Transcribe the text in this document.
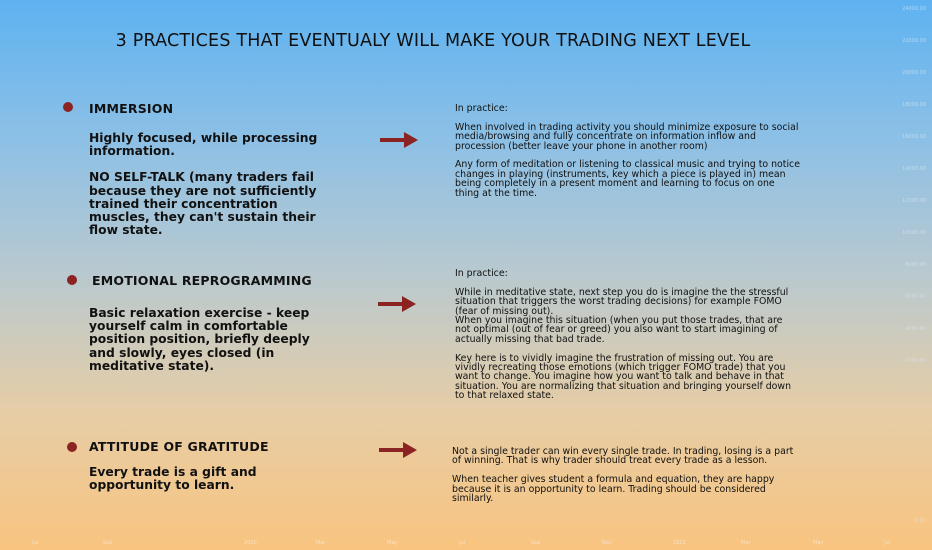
3 PRACTICES THAT EVENTUALY WILL MAKE YOUR TRADING NEXT LEVEL
IMMERSION

Highly focused, while processing information.

NO SELF-TALK (many traders fail because they are not sufficiently trained their concentration muscles, they can't sustain their flow state.

In practice:

When involved in trading activity you should minimize exposure to social media/browsing and fully concentrate on information inflow and procession (better leave your phone in another room)

Any form of meditation or listening to classical music and trying to notice changes in playing (instruments, key which a piece is played in) mean being completely in a present moment and learning to focus on one thing at the time.

EMOTIONAL REPROGRAMMING

Basic relaxation exercise - keep yourself calm in comfortable position position, briefly deeply and slowly, eyes closed (in meditative state).

In practice:

While in meditative state, next step you do is imagine the the stressful situation that triggers the worst trading decisions) for example FOMO (fear of missing out).

When you imagine this situation (when you put those trades, that are not optimal (out of fear or greed) you also want to start imagining of actually missing that bad trade.

Key here is to vividly imagine the frustration of missing out. You are vividly recreating those emotions (which trigger FOMO trade) that you want to change. You imagine how you want to talk and behave in that situation. You are normalizing that situation and bringing yourself down to that relaxed state.

ATTITUDE OF GRATITUDE

Every trade is a gift and opportunity to learn.

Not a single trader can win every single trade. In trading, losing is a part of winning. That is why trader should treat every trade as a lesson.

When teacher gives student a formula and equation, they are happy because it is an opportunity to learn. Trading should be considered similarly.

24000.00
22000.00
20000.00
18000.00
16000.00
14000.00
12000.00
10000.00
8000.00
6000.00
4000.00
2000.00
0.00
Jul	Sep	2020	Mar	May	Jul	Sep	Nov	2021	Mar	May	Jul
